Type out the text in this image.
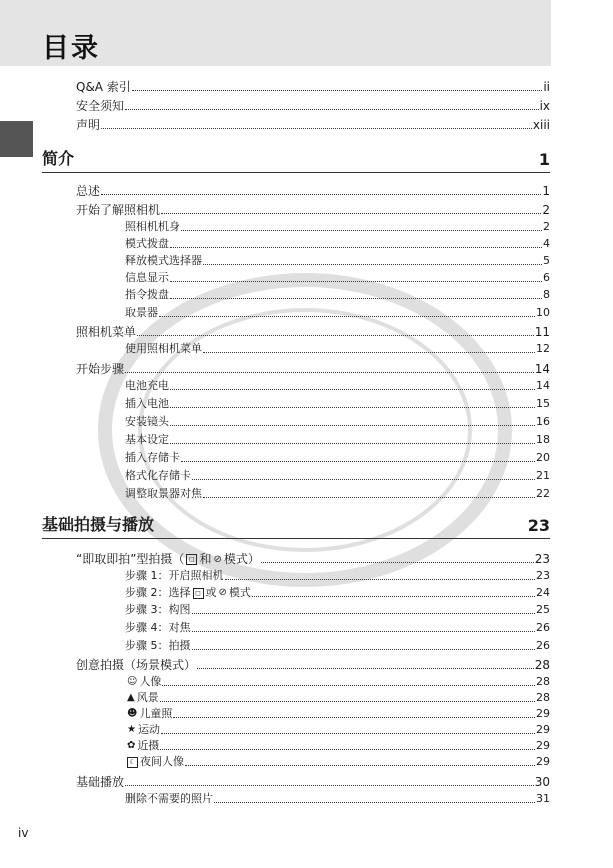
目录
Q&A 索引	ii
安全须知	ix
声明	xiii
简介	1
总述	1
开始了解照相机	2
照相机机身	2
模式拨盘	4
释放模式选择器	5
信息显示	6
指令拨盘	8
取景器	10
照相机菜单	11
使用照相机菜单	12
开始步骤	14
电池充电	14
插入电池	15
安装镜头	16
基本设定	18
插入存储卡	20
格式化存储卡	21
调整取景器对焦	22
基础拍摄与播放	23
“即取即拍”型拍摄（ ◻ 和 ⊘ 模式）	23
步骤 1：开启照相机	23
步骤 2：选择 ◻ 或 ⊘ 模式	24
步骤 3：构图	25
步骤 4：对焦	26
步骤 5：拍摄	26
创意拍摄（场景模式）	28
☺ 人像	28
▲ 风景	28
☻ 儿童照	29
★ 运动	29
✿ 近摄	29
☾ 夜间人像	29
基础播放	30
删除不需要的照片	31
iv
